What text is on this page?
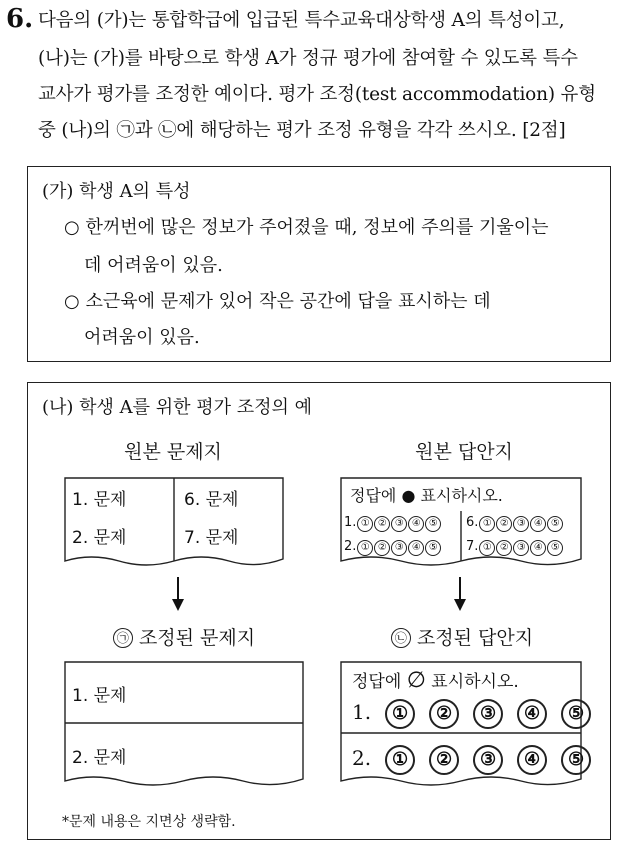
6. 다음의 (가)는 통합학급에 입급된 특수교육대상학생 A의 특성이고,
(나)는 (가)를 바탕으로 학생 A가 정규 평가에 참여할 수 있도록 특수
교사가 평가를 조정한 예이다. 평가 조정(test accommodation) 유형
중 (나)의 ㉠과 ㉡에 해당하는 평가 조정 유형을 각각 쓰시오. [2점]
(가) 학생 A의 특성
○ 한꺼번에 많은 정보가 주어졌을 때, 정보에 주의를 기울이는
데 어려움이 있음.
○ 소근육에 문제가 있어 작은 공간에 답을 표시하는 데
어려움이 있음.
(나) 학생 A를 위한 평가 조정의 예
원본 문제지
1. 문제	6. 문제
2. 문제	7. 문제
원본 답안지
정답에 ● 표시하시오.
1. ① ② ③ ④ ⑤ 6. ① ② ③ ④ ⑤
2. ① ② ③ ④ ⑤ 7. ① ② ③ ④ ⑤
㉠ 조정된 문제지
1. 문제
2. 문제
㉡ 조정된 답안지
정답에 ∅ 표시하시오.
1. ① ② ③ ④ ⑤
2. ① ② ③ ④ ⑤
*문제 내용은 지면상 생략함.
